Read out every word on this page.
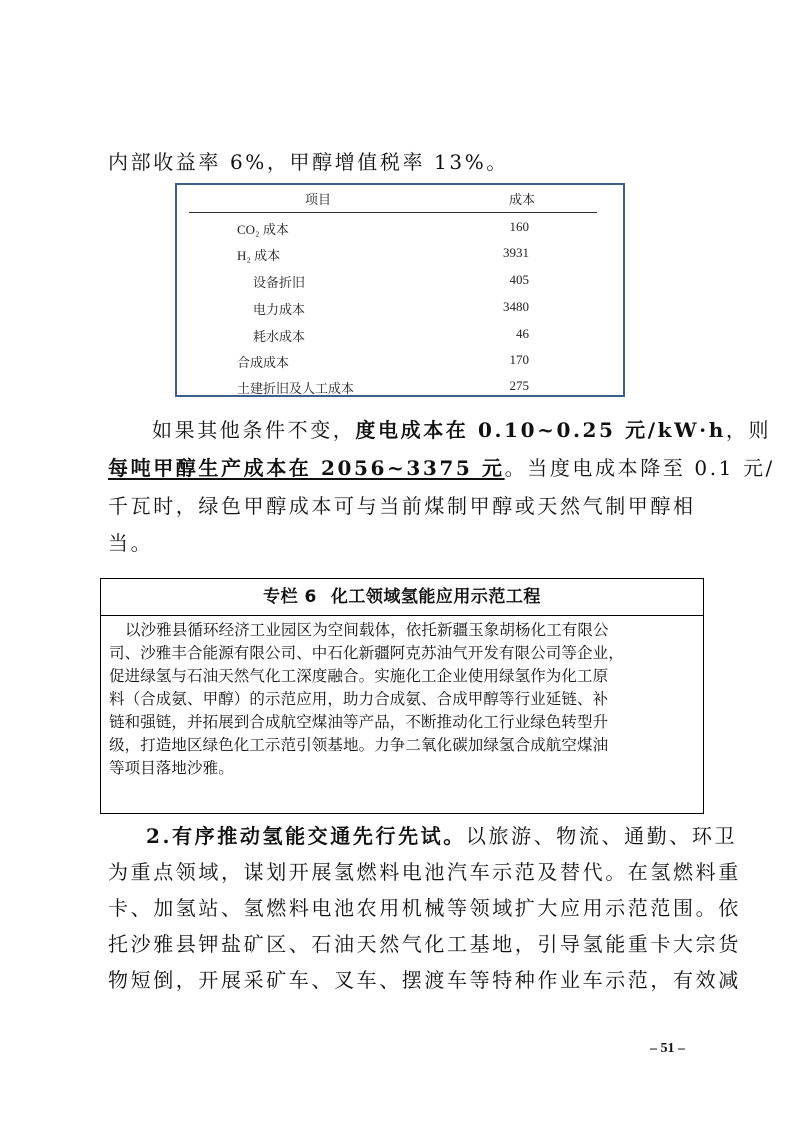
内部收益率 6%，甲醇增值税率 13%。
项目	成本
CO₂ 成本	160
H₂ 成本	3931
设备折旧	405
电力成本	3480
耗水成本	46
合成成本	170
土建折旧及人工成本	275
如果其他条件不变，度电成本在 0.10~0.25 元/kW·h，则
每吨甲醇生产成本在 2056~3375 元。当度电成本降至 0.1 元/
千瓦时，绿色甲醇成本可与当前煤制甲醇或天然气制甲醇相
当。
专栏 6 化工领域氢能应用示范工程
以沙雅县循环经济工业园区为空间载体，依托新疆玉象胡杨化工有限公
司、沙雅丰合能源有限公司、中石化新疆阿克苏油气开发有限公司等企业，
促进绿氢与石油天然气化工深度融合。实施化工企业使用绿氢作为化工原
料（合成氨、甲醇）的示范应用，助力合成氨、合成甲醇等行业延链、补
链和强链，并拓展到合成航空煤油等产品，不断推动化工行业绿色转型升
级，打造地区绿色化工示范引领基地。力争二氧化碳加绿氢合成航空煤油
等项目落地沙雅。
2.有序推动氢能交通先行先试。以旅游、物流、通勤、环卫
为重点领域，谋划开展氢燃料电池汽车示范及替代。在氢燃料重
卡、加氢站、氢燃料电池农用机械等领域扩大应用示范范围。依
托沙雅县钾盐矿区、石油天然气化工基地，引导氢能重卡大宗货
物短倒，开展采矿车、叉车、摆渡车等特种作业车示范，有效减
– 51 –
